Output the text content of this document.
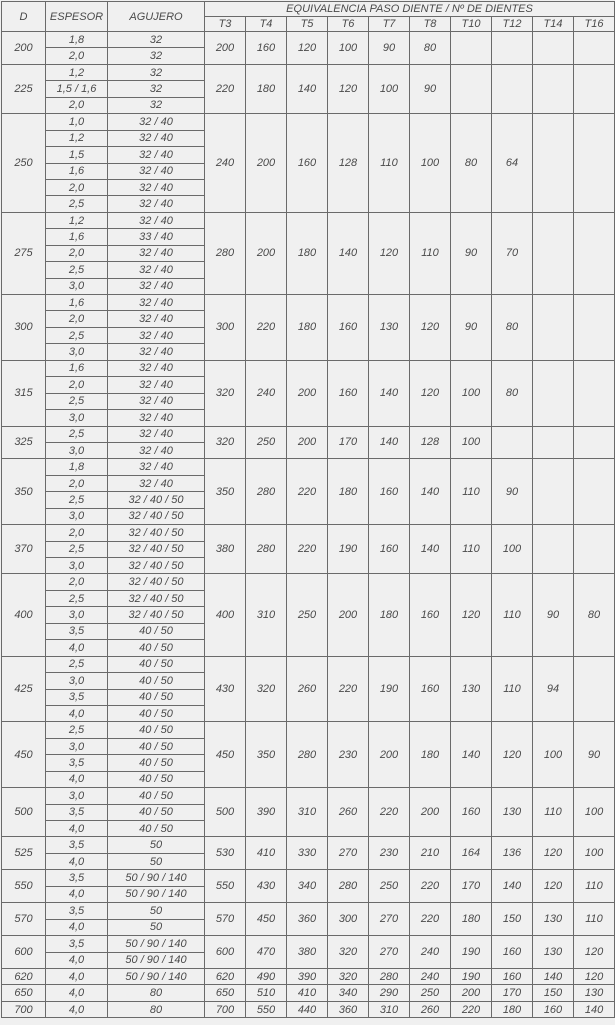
D	ESPESOR	AGUJERO	EQUIVALENCIA PASO DIENTE / Nº DE DIENTES									
			T3	T4	T5	T6	T7	T8	T10	T12	T14	T16
200	1,8	32	200	160	120	100	90	80				
	2,0	32										
225	1,2	32	220	180	140	120	100	90				
	1,5 / 1,6	32										
	2,0	32										
250	1,0	32 / 40	240	200	160	128	110	100	80	64		
	1,2	32 / 40										
	1,5	32 / 40										
	1,6	32 / 40										
	2,0	32 / 40										
	2,5	32 / 40										
275	1,2	32 / 40	280	200	180	140	120	110	90	70		
	1,6	33 / 40										
	2,0	32 / 40										
	2,5	32 / 40										
	3,0	32 / 40										
300	1,6	32 / 40	300	220	180	160	130	120	90	80		
	2,0	32 / 40										
	2,5	32 / 40										
	3,0	32 / 40										
315	1,6	32 / 40	320	240	200	160	140	120	100	80		
	2,0	32 / 40										
	2,5	32 / 40										
	3,0	32 / 40										
325	2,5	32 / 40	320	250	200	170	140	128	100			
	3,0	32 / 40										
350	1,8	32 / 40	350	280	220	180	160	140	110	90		
	2,0	32 / 40										
	2,5	32 / 40 / 50										
	3,0	32 / 40 / 50										
370	2,0	32 / 40 / 50	380	280	220	190	160	140	110	100		
	2,5	32 / 40 / 50										
	3,0	32 / 40 / 50										
400	2,0	32 / 40 / 50	400	310	250	200	180	160	120	110	90	80
	2,5	32 / 40 / 50										
	3,0	32 / 40 / 50										
	3,5	40 / 50										
	4,0	40 / 50										
425	2,5	40 / 50	430	320	260	220	190	160	130	110	94	
	3,0	40 / 50										
	3,5	40 / 50										
	4,0	40 / 50										
450	2,5	40 / 50	450	350	280	230	200	180	140	120	100	90
	3,0	40 / 50										
	3,5	40 / 50										
	4,0	40 / 50										
500	3,0	40 / 50	500	390	310	260	220	200	160	130	110	100
	3,5	40 / 50										
	4,0	40 / 50										
525	3,5	50	530	410	330	270	230	210	164	136	120	100
	4,0	50										
550	3,5	50 / 90 / 140	550	430	340	280	250	220	170	140	120	110
	4,0	50 / 90 / 140										
570	3,5	50	570	450	360	300	270	220	180	150	130	110
	4,0	50										
600	3,5	50 / 90 / 140	600	470	380	320	270	240	190	160	130	120
	4,0	50 / 90 / 140										
620	4,0	50 / 90 / 140	620	490	390	320	280	240	190	160	140	120
650	4,0	80	650	510	410	340	290	250	200	170	150	130
700	4,0	80	700	550	440	360	310	260	220	180	160	140
